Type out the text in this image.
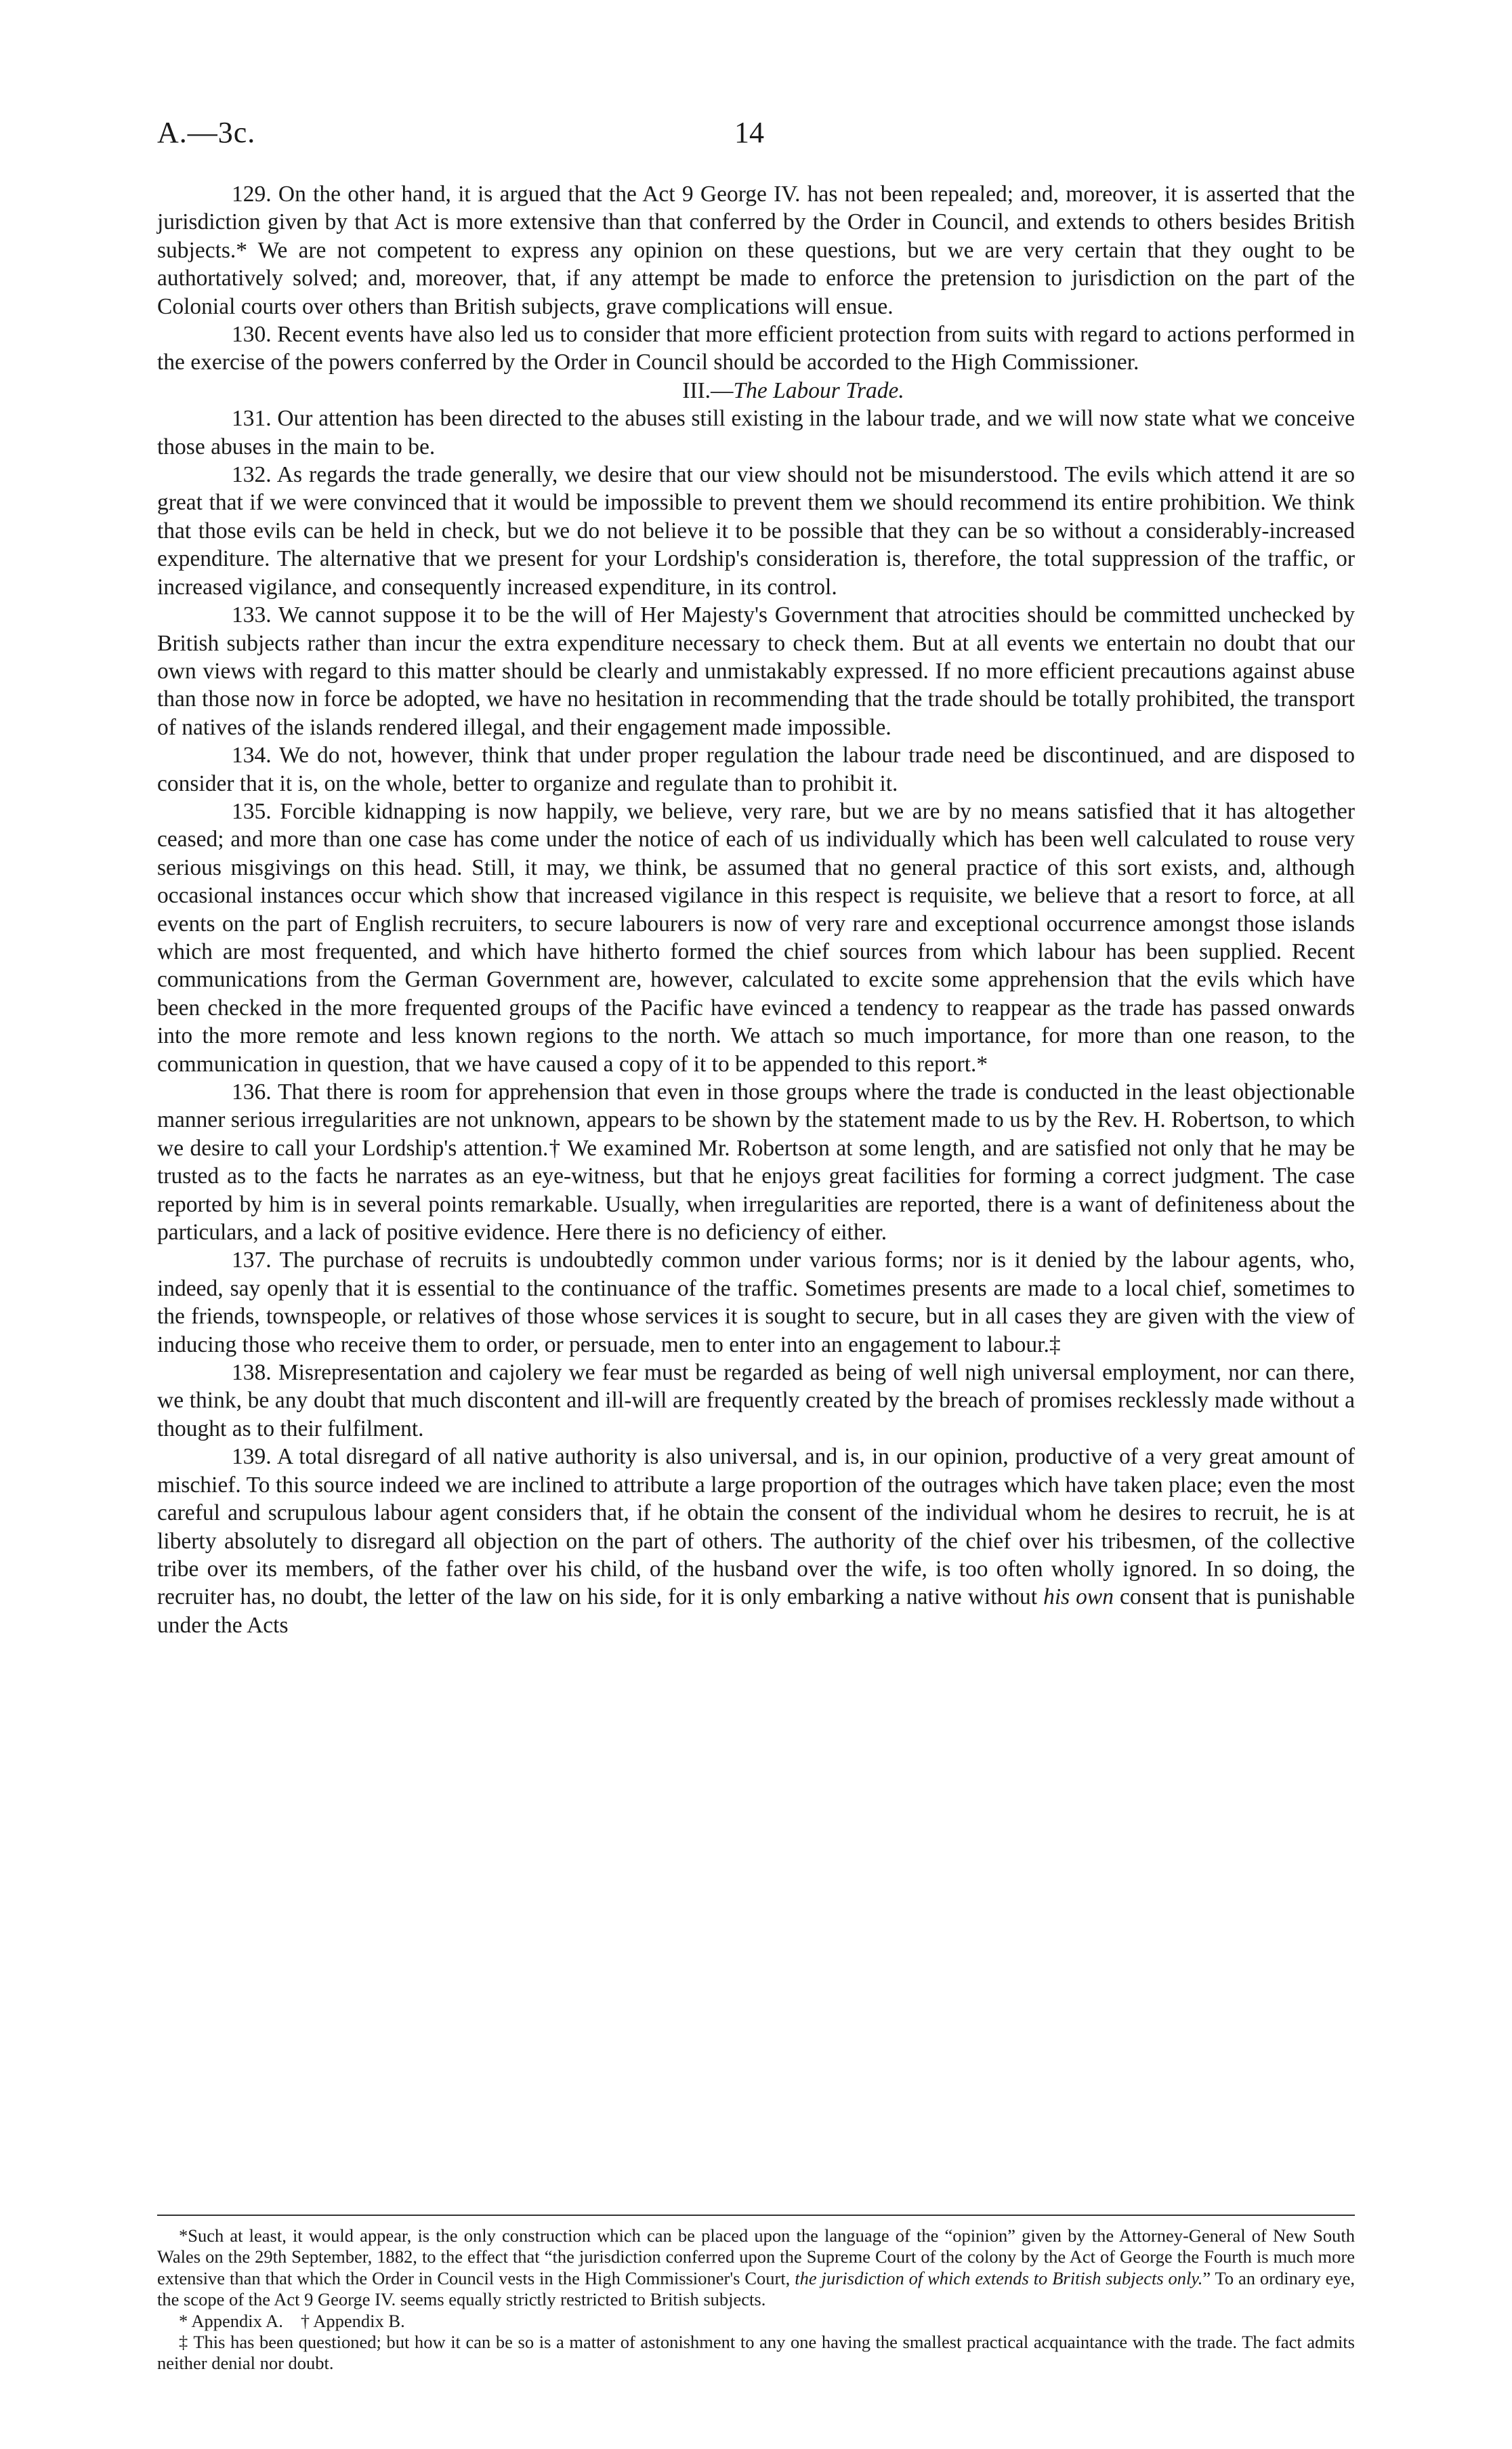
A.—3c.	14

129. On the other hand, it is argued that the Act 9 George IV. has not been repealed; and, moreover, it is asserted that the jurisdiction given by that Act is more extensive than that conferred by the Order in Council, and extends to others besides British subjects.* We are not competent to express any opinion on these questions, but we are very certain that they ought to be authortatively solved; and, moreover, that, if any attempt be made to enforce the pretension to jurisdiction on the part of the Colonial courts over others than British subjects, grave complications will ensue.

130. Recent events have also led us to consider that more efficient protection from suits with regard to actions performed in the exercise of the powers conferred by the Order in Council should be accorded to the High Commissioner.

III.—The Labour Trade.

131. Our attention has been directed to the abuses still existing in the labour trade, and we will now state what we conceive those abuses in the main to be.

132. As regards the trade generally, we desire that our view should not be misunderstood. The evils which attend it are so great that if we were convinced that it would be impossible to prevent them we should recommend its entire prohibition. We think that those evils can be held in check, but we do not believe it to be possible that they can be so without a considerably-increased expenditure. The alternative that we present for your Lordship's consideration is, therefore, the total suppression of the traffic, or increased vigilance, and consequently increased expenditure, in its control.

133. We cannot suppose it to be the will of Her Majesty's Government that atrocities should be committed unchecked by British subjects rather than incur the extra expenditure necessary to check them. But at all events we entertain no doubt that our own views with regard to this matter should be clearly and unmistakably expressed. If no more efficient precautions against abuse than those now in force be adopted, we have no hesitation in recommending that the trade should be totally prohibited, the transport of natives of the islands rendered illegal, and their engagement made impossible.

134. We do not, however, think that under proper regulation the labour trade need be discontinued, and are disposed to consider that it is, on the whole, better to organize and regulate than to prohibit it.

135. Forcible kidnapping is now happily, we believe, very rare, but we are by no means satisfied that it has altogether ceased; and more than one case has come under the notice of each of us individually which has been well calculated to rouse very serious misgivings on this head. Still, it may, we think, be assumed that no general practice of this sort exists, and, although occasional instances occur which show that increased vigilance in this respect is requisite, we believe that a resort to force, at all events on the part of English recruiters, to secure labourers is now of very rare and exceptional occurrence amongst those islands which are most frequented, and which have hitherto formed the chief sources from which labour has been supplied. Recent communications from the German Government are, however, calculated to excite some apprehension that the evils which have been checked in the more frequented groups of the Pacific have evinced a tendency to reappear as the trade has passed onwards into the more remote and less known regions to the north. We attach so much importance, for more than one reason, to the communication in question, that we have caused a copy of it to be appended to this report.*

136. That there is room for apprehension that even in those groups where the trade is conducted in the least objectionable manner serious irregularities are not unknown, appears to be shown by the statement made to us by the Rev. H. Robertson, to which we desire to call your Lordship's attention.† We examined Mr. Robertson at some length, and are satisfied not only that he may be trusted as to the facts he narrates as an eye-witness, but that he enjoys great facilities for forming a correct judgment. The case reported by him is in several points remarkable. Usually, when irregularities are reported, there is a want of definiteness about the particulars, and a lack of positive evidence. Here there is no deficiency of either.

137. The purchase of recruits is undoubtedly common under various forms; nor is it denied by the labour agents, who, indeed, say openly that it is essential to the continuance of the traffic. Sometimes presents are made to a local chief, sometimes to the friends, townspeople, or relatives of those whose services it is sought to secure, but in all cases they are given with the view of inducing those who receive them to order, or persuade, men to enter into an engagement to labour.‡

138. Misrepresentation and cajolery we fear must be regarded as being of well nigh universal employment, nor can there, we think, be any doubt that much discontent and ill-will are frequently created by the breach of promises recklessly made without a thought as to their fulfilment.

139. A total disregard of all native authority is also universal, and is, in our opinion, productive of a very great amount of mischief. To this source indeed we are inclined to attribute a large proportion of the outrages which have taken place; even the most careful and scrupulous labour agent considers that, if he obtain the consent of the individual whom he desires to recruit, he is at liberty absolutely to disregard all objection on the part of others. The authority of the chief over his tribesmen, of the collective tribe over its members, of the father over his child, of the husband over the wife, is too often wholly ignored. In so doing, the recruiter has, no doubt, the letter of the law on his side, for it is only embarking a native without his own consent that is punishable under the Acts

*Such at least, it would appear, is the only construction which can be placed upon the language of the “opinion” given by the Attorney-General of New South Wales on the 29th September, 1882, to the effect that “the jurisdiction conferred upon the Supreme Court of the colony by the Act of George the Fourth is much more extensive than that which the Order in Council vests in the High Commissioner's Court, the jurisdiction of which extends to British subjects only.” To an ordinary eye, the scope of the Act 9 George IV. seems equally strictly restricted to British subjects.

* Appendix A. † Appendix B.

‡ This has been questioned; but how it can be so is a matter of astonishment to any one having the smallest practical acquaintance with the trade. The fact admits neither denial nor doubt.
